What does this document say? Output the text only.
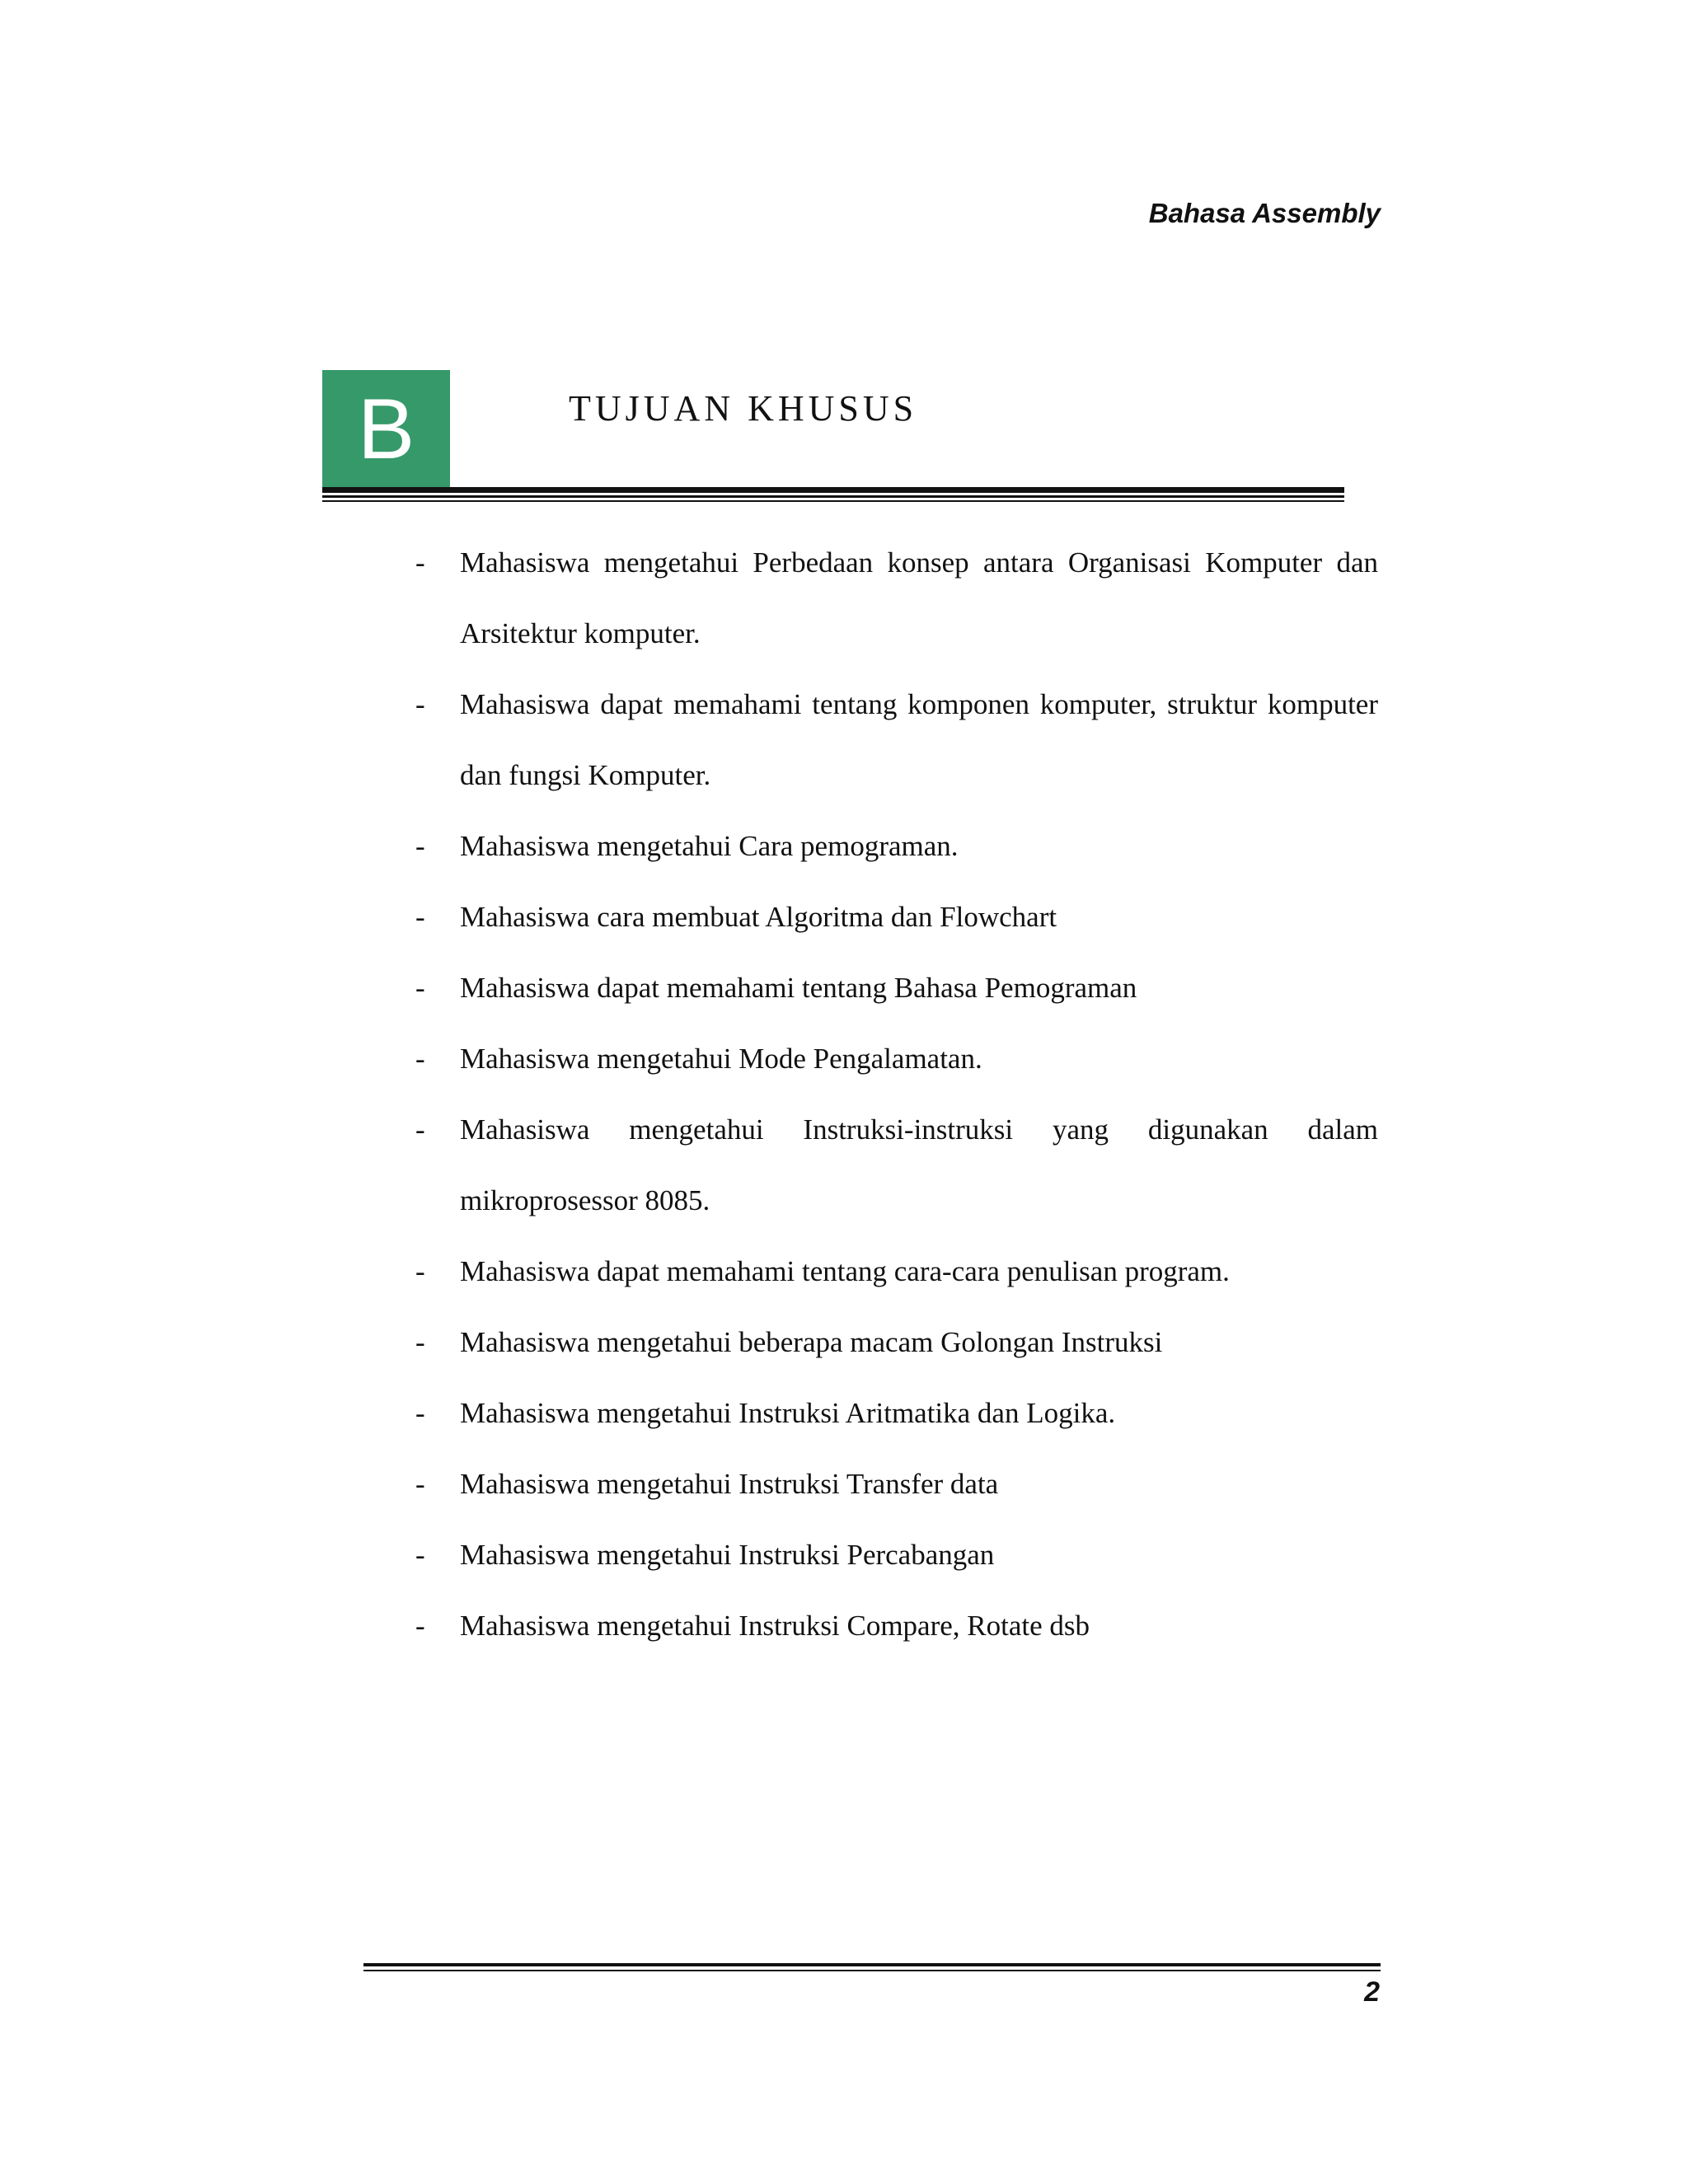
Bahasa Assembly
B	TUJUAN KHUSUS
- Mahasiswa mengetahui Perbedaan konsep antara Organisasi Komputer dan Arsitektur komputer.
- Mahasiswa dapat memahami tentang komponen komputer, struktur komputer dan fungsi Komputer.
- Mahasiswa mengetahui Cara pemograman.
- Mahasiswa cara membuat Algoritma dan Flowchart
- Mahasiswa dapat memahami tentang Bahasa Pemograman
- Mahasiswa mengetahui Mode Pengalamatan.
- Mahasiswa mengetahui Instruksi-instruksi yang digunakan dalam mikroprosessor 8085.
- Mahasiswa dapat memahami tentang cara-cara penulisan program.
- Mahasiswa mengetahui beberapa macam Golongan Instruksi
- Mahasiswa mengetahui Instruksi Aritmatika dan Logika.
- Mahasiswa mengetahui Instruksi Transfer data
- Mahasiswa mengetahui Instruksi Percabangan
- Mahasiswa mengetahui Instruksi Compare, Rotate dsb
2
